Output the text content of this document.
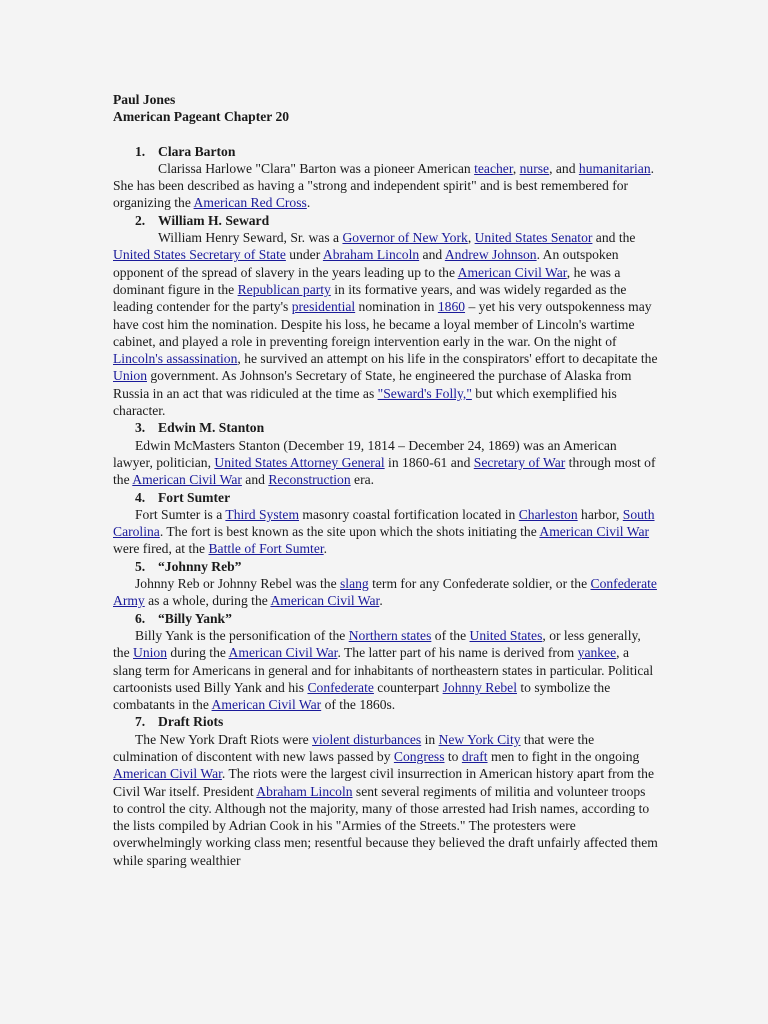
Paul Jones
American Pageant Chapter 20
1. Clara Barton

Clarissa Harlowe "Clara" Barton was a pioneer American teacher, nurse, and humanitarian. She has been described as having a "strong and independent spirit" and is best remembered for organizing the American Red Cross.

2. William H. Seward

William Henry Seward, Sr. was a Governor of New York, United States Senator and the United States Secretary of State under Abraham Lincoln and Andrew Johnson. An outspoken opponent of the spread of slavery in the years leading up to the American Civil War, he was a dominant figure in the Republican party in its formative years, and was widely regarded as the leading contender for the party's presidential nomination in 1860 – yet his very outspokenness may have cost him the nomination. Despite his loss, he became a loyal member of Lincoln's wartime cabinet, and played a role in preventing foreign intervention early in the war. On the night of Lincoln's assassination, he survived an attempt on his life in the conspirators' effort to decapitate the Union government. As Johnson's Secretary of State, he engineered the purchase of Alaska from Russia in an act that was ridiculed at the time as "Seward's Folly," but which exemplified his character.

3. Edwin M. Stanton

Edwin McMasters Stanton (December 19, 1814 – December 24, 1869) was an American lawyer, politician, United States Attorney General in 1860-61 and Secretary of War through most of the American Civil War and Reconstruction era.

4. Fort Sumter

Fort Sumter is a Third System masonry coastal fortification located in Charleston harbor, South Carolina. The fort is best known as the site upon which the shots initiating the American Civil War were fired, at the Battle of Fort Sumter.

5. “Johnny Reb”

Johnny Reb or Johnny Rebel was the slang term for any Confederate soldier, or the Confederate Army as a whole, during the American Civil War.

6. “Billy Yank”

Billy Yank is the personification of the Northern states of the United States, or less generally, the Union during the American Civil War. The latter part of his name is derived from yankee, a slang term for Americans in general and for inhabitants of northeastern states in particular. Political cartoonists used Billy Yank and his Confederate counterpart Johnny Rebel to symbolize the combatants in the American Civil War of the 1860s.

7. Draft Riots

The New York Draft Riots were violent disturbances in New York City that were the culmination of discontent with new laws passed by Congress to draft men to fight in the ongoing American Civil War. The riots were the largest civil insurrection in American history apart from the Civil War itself. President Abraham Lincoln sent several regiments of militia and volunteer troops to control the city. Although not the majority, many of those arrested had Irish names, according to the lists compiled by Adrian Cook in his "Armies of the Streets." The protesters were overwhelmingly working class men; resentful because they believed the draft unfairly affected them while sparing wealthier
